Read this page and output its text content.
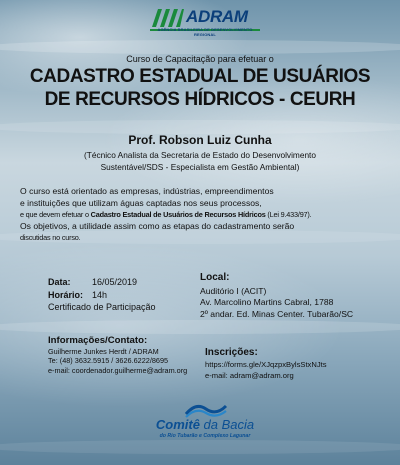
ADRAM
AGÊNCIA BRASILEIRA DE DESENVOLVIMENTO REGIONAL
Curso de Capacitação para efetuar o
CADASTRO ESTADUAL DE USUÁRIOS
DE RECURSOS HÍDRICOS - CEURH
Prof. Robson Luiz Cunha
(Técnico Analista da Secretaria de Estado do Desenvolvimento
Sustentável/SDS - Especialista em Gestão Ambiental)
O curso está orientado as empresas, indústrias, empreendimentos
e instituições que utilizam águas captadas nos seus processos,
e que devem efetuar o Cadastro Estadual de Usuários de Recursos Hídricos (Lei 9.433/97).
Os objetivos, a utilidade assim como as etapas do cadastramento serão
discutidas no curso.
Data: 16/05/2019
Horário: 14h
Certificado de Participação
Local:
Auditório I (ACIT)
Av. Marcolino Martins Cabral, 1788
2º andar. Ed. Minas Center. Tubarão/SC
Informações/Contato:
Guilherme Junkes Herdt / ADRAM
Te: (48) 3632.5915 / 3626.6222/8695
e-mail: coordenador.guilherme@adram.org
Inscrições:
https://forms.gle/XJqzpxBylsStxNJts
e-mail: adram@adram.org
Comitê da Bacia
do Rio Tubarão e Complexo Lagunar
